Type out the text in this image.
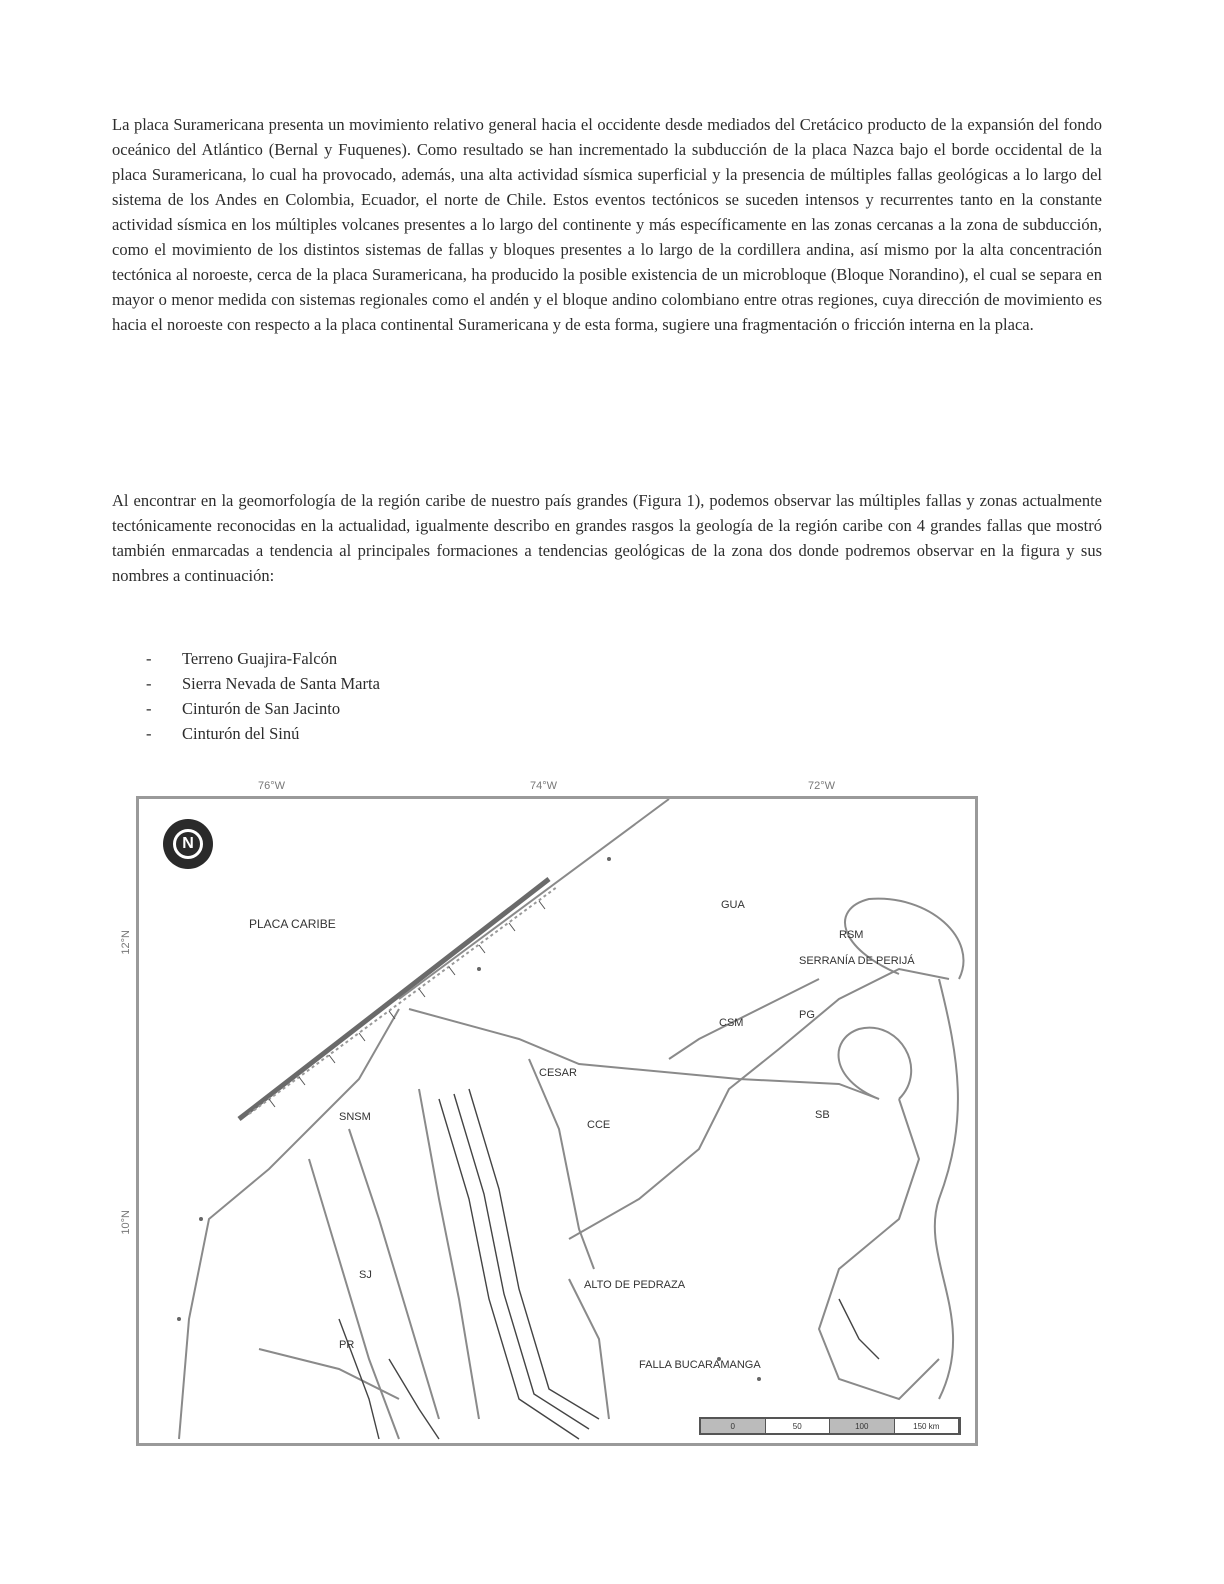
La placa Suramericana presenta un movimiento relativo general hacia el occidente desde mediados del Cretácico producto de la expansión del fondo oceánico del Atlántico (Bernal y Fuquenes). Como resultado se han incrementado la subducción de la placa Nazca bajo el borde occidental de la placa Suramericana, lo cual ha provocado, además, una alta actividad sísmica superficial y la presencia de múltiples fallas geológicas a lo largo del sistema de los Andes en Colombia, Ecuador, el norte de Chile. Estos eventos tectónicos se suceden intensos y recurrentes tanto en la constante actividad sísmica en los múltiples volcanes presentes a lo largo del continente y más específicamente en las zonas cercanas a la zona de subducción, como el movimiento de los distintos sistemas de fallas y bloques presentes a lo largo de la cordillera andina, así mismo por la alta concentración tectónica al noroeste, cerca de la placa Suramericana, ha producido la posible existencia de un microbloque (Bloque Norandino), el cual se separa en mayor o menor medida con sistemas regionales como el andén y el bloque andino colombiano entre otras regiones, cuya dirección de movimiento es hacia el noroeste con respecto a la placa continental Suramericana y de esta forma, sugiere una fragmentación o fricción interna en la placa.

Al encontrar en la geomorfología de la región caribe de nuestro país grandes (Figura 1), podemos observar las múltiples fallas y zonas actualmente tectónicamente reconocidas en la actualidad, igualmente describo en grandes rasgos la geología de la región caribe con 4 grandes fallas que mostró también enmarcadas a tendencia al principales formaciones a tendencias geológicas de la zona dos donde podremos observar en la figura y sus nombres a continuación:

- Terreno Guajira-Falcón
- Sierra Nevada de Santa Marta
- Cinturón de San Jacinto
- Cinturón del Sinú
76°W	74°W	72°W
12°N
10°N
N
PLACA CARIBE
GUA
PG
SNSM
SJ
CCE
SB
CSM
ALTO DE PEDRAZA
CESAR
RSM
PR
SERRANÍA DE PERIJÁ
FALLA BUCARAMANGA
0	50	100	150 km
